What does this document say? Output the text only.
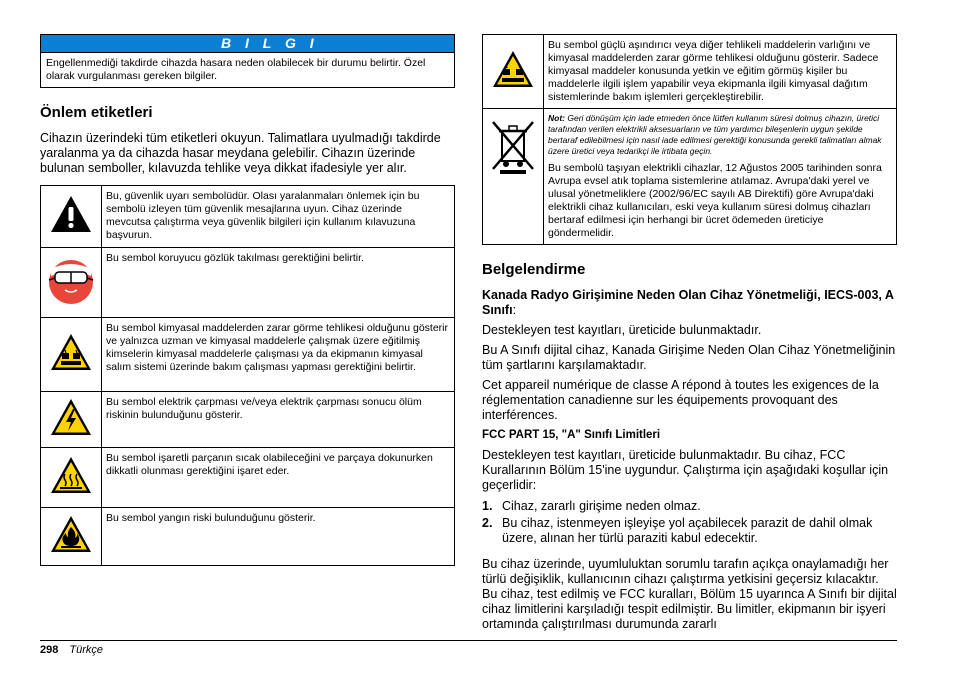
B I L G I
Engellenmediği takdirde cihazda hasara neden olabilecek bir durumu belirtir. Özel olarak vurgulanması gereken bilgiler.
Önlem etiketleri

Cihazın üzerindeki tüm etiketleri okuyun. Talimatlara uyulmadığı takdirde yaralanma ya da cihazda hasar meydana gelebilir. Cihazın üzerinde bulunan semboller, kılavuzda tehlike veya dikkat ifadesiyle yer alır.

	Bu, güvenlik uyarı sembolüdür. Olası yaralanmaları önlemek için bu sembolü izleyen tüm güvenlik mesajlarına uyun. Cihaz üzerinde mevcutsa çalıştırma veya güvenlik bilgileri için kullanım kılavuzuna başvurun.
	Bu sembol koruyucu gözlük takılması gerektiğini belirtir.
	Bu sembol kimyasal maddelerden zarar görme tehlikesi olduğunu gösterir ve yalnızca uzman ve kimyasal maddelerle çalışmak üzere eğitilmiş kimselerin kimyasal maddelerle çalışması ya da ekipmanın kimyasal salım sistemi üzerinde bakım çalışması yapması gerektiğini belirtir.
	Bu sembol elektrik çarpması ve/veya elektrik çarpması sonucu ölüm riskinin bulunduğunu gösterir.
	Bu sembol işaretli parçanın sıcak olabileceğini ve parçaya dokunurken dikkatli olunması gerektiğini işaret eder.
	Bu sembol yangın riski bulunduğunu gösterir.
	Bu sembol güçlü aşındırıcı veya diğer tehlikeli maddelerin varlığını ve kimyasal maddelerden zarar görme tehlikesi olduğunu gösterir. Sadece kimyasal maddeler konusunda yetkin ve eğitim görmüş kişiler bu maddelerle ilgili işlem yapabilir veya ekipmanla ilgili kimyasal dağıtım sistemlerinde bakım işlemleri gerçekleştirebilir.

Not: Geri dönüşüm için iade etmeden önce lütfen kullanım süresi dolmuş cihazın, üretici tarafından verilen elektrikli aksesuarların ve tüm yardımcı bileşenlerin uygun şekilde bertaraf edilebilmesi için nasıl iade edilmesi gerektiği konusunda gerekli talimatları almak üzere üretici veya tedarikçi ile irtibata geçin.
Bu sembolü taşıyan elektrikli cihazlar, 12 Ağustos 2005 tarihinden sonra Avrupa evsel atık toplama sistemlerine atılamaz. Avrupa'daki yerel ve ulusal yönetmeliklere (2002/96/EC sayılı AB Direktifi) göre Avrupa'daki elektrikli cihaz kullanıcıları, eski veya kullanım süresi dolmuş cihazları bertaraf edilmesi için herhangi bir ücret ödemeden üreticiye göndermelidir.
Belgelendirme

Kanada Radyo Girişimine Neden Olan Cihaz Yönetmeliği, IECS-003, A Sınıfı:

Destekleyen test kayıtları, üreticide bulunmaktadır.

Bu A Sınıfı dijital cihaz, Kanada Girişime Neden Olan Cihaz Yönetmeliğinin tüm şartlarını karşılamaktadır.

Cet appareil numérique de classe A répond à toutes les exigences de la réglementation canadienne sur les équipements provoquant des interférences.

FCC PART 15, "A" Sınıfı Limitleri

Destekleyen test kayıtları, üreticide bulunmaktadır. Bu cihaz, FCC Kurallarının Bölüm 15'ine uygundur. Çalıştırma için aşağıdaki koşullar için geçerlidir:

1. Cihaz, zararlı girişime neden olmaz.
2. Bu cihaz, istenmeyen işleyişe yol açabilecek parazit de dahil olmak üzere, alınan her türlü paraziti kabul edecektir.

Bu cihaz üzerinde, uyumluluktan sorumlu tarafın açıkça onaylamadığı her türlü değişiklik, kullanıcının cihazı çalıştırma yetkisini geçersiz kılacaktır. Bu cihaz, test edilmiş ve FCC kuralları, Bölüm 15 uyarınca A Sınıfı bir dijital cihaz limitlerini karşıladığı tespit edilmiştir. Bu limitler, ekipmanın bir işyeri ortamında çalıştırılması durumunda zararlı

298 Türkçe
